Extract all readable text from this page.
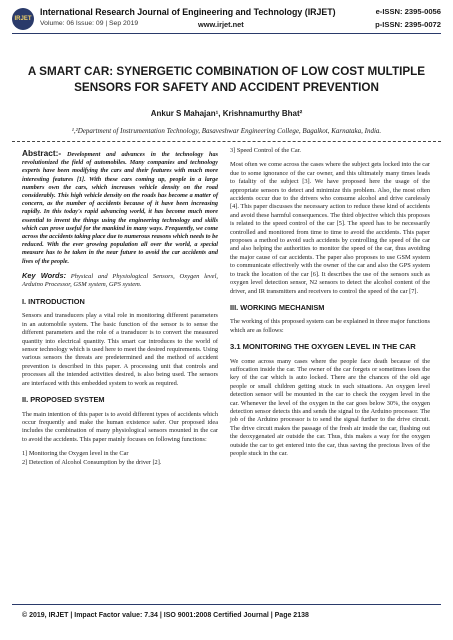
IRJET
International Research Journal of Engineering and Technology (IRJET)	e-ISSN: 2395-0056
Volume: 06 Issue: 09 | Sep 2019	www.irjet.net	p-ISSN: 2395-0072
A SMART CAR: SYNERGETIC COMBINATION OF LOW COST MULTIPLE
SENSORS FOR SAFETY AND ACCIDENT PREVENTION
Ankur S Mahajan¹, Krishnamurthy Bhat²
¹,²Department of Instrumentation Technology, Basaveshwar Engineering College, Bagalkot, Karnataka, India.

Abstract:- Development and advances in the technology has revolutionized the field of automobiles. Many companies and technology experts have been modifying the cars and their features with much more interesting features [1]. With these cars coming up, people in a large numbers own the cars, which increases vehicle density on the road considerably. This high vehicle density on the roads has become a matter of concern, as the number of accidents because of it have been increasing rapidly. In this today's rapid advancing world, it has become much more essential to invent the things using the engineering technology and skills which can prove useful for the mankind in many ways. Frequently, we come across the accidents taking place due to numerous reasons which needs to be reduced. With the ever growing population all over the world, a special measure has to be taken in the near future to avoid the car accidents and lives of the people.

Key Words: Physical and Physiological Sensors, Oxygen level, Arduino Processor, GSM system, GPS system.

I. INTRODUCTION

Sensors and transducers play a vital role in monitoring different parameters in an automobile system. The basic function of the sensor is to sense the different parameters and the role of a transducer is to convert the measured quantity into electrical quantity. This smart car introduces to the world of sensor technology which is used here to meet the desired requirements. Using various sensors the threats are predetermined and the method of accident prevention is described in this paper. A processing unit that controls and processes all the intended activities desired, is also being used. The sensors are interfaced with this embedded system to work as required.

II. PROPOSED SYSTEM

The main intention of this paper is to avoid different types of accidents which occur frequently and make the human existence safer. Our proposed idea includes the combination of many physiological sensors mounted in the car to avoid the accidents. This paper mainly focuses on following functions:

1] Monitoring the Oxygen level in the Car
2] Detection of Alcohol Consumption by the driver [2].

3] Speed Control of the Car.

Most often we come across the cases where the subject gets locked into the car due to some ignorance of the car owner, and this ultimately many times leads to fatality of the subject [3]. We have proposed here the usage of the appropriate sensors to detect and minimize this problem. Also, the most often accidents occur due to the drivers who consume alcohol and drive carelessly [4]. This paper discusses the necessary action to reduce these kind of accidents and avoid these harmful consequences. The third objective which this proposes is related to the speed control of the car [5]. The speed has to be necessarily controlled and monitored from time to time to avoid the accidents. This paper proposes a method to avoid such accidents by controlling the speed of the car and also helping the authorities to monitor the speed of the car, thus avoiding the major cause of car accidents. The paper also proposes to use GSM system to communicate effectively with the owner of the car and also the GPS system to track the location of the car [6]. It describes the use of the sensors such as oxygen level detection sensor, N2 sensors to detect the alcohol content of the driver, and IR transmitters and receivers to control the speed of the car [7].

III. WORKING MECHANISM

The working of this proposed system can be explained in three major functions which are as follows:

3.1 MONITORING THE OXYGEN LEVEL IN THE CAR

We come across many cases where the people face death because of the suffocation inside the car. The owner of the car forgets or sometimes loses the key of the car which is auto locked. There are the chances of the old age people or small children getting stuck in such situations. An oxygen level detection sensor will be mounted in the car to check the oxygen level in the car. Whenever the level of the oxygen in the car goes below 30%, the oxygen detection sensor detects this and sends the signal to the Arduino processor. The job of the Arduino processor is to send the signal further to the drive circuit. The drive circuit makes the passage of the fresh air inside the car, flushing out the deoxygenated air outside the car. Thus, this makes a way for the oxygen outside the car to get entered into the car, thus saving the precious lives of the people stuck in the car.

© 2019, IRJET | Impact Factor value: 7.34 | ISO 9001:2008 Certified Journal | Page 2138
